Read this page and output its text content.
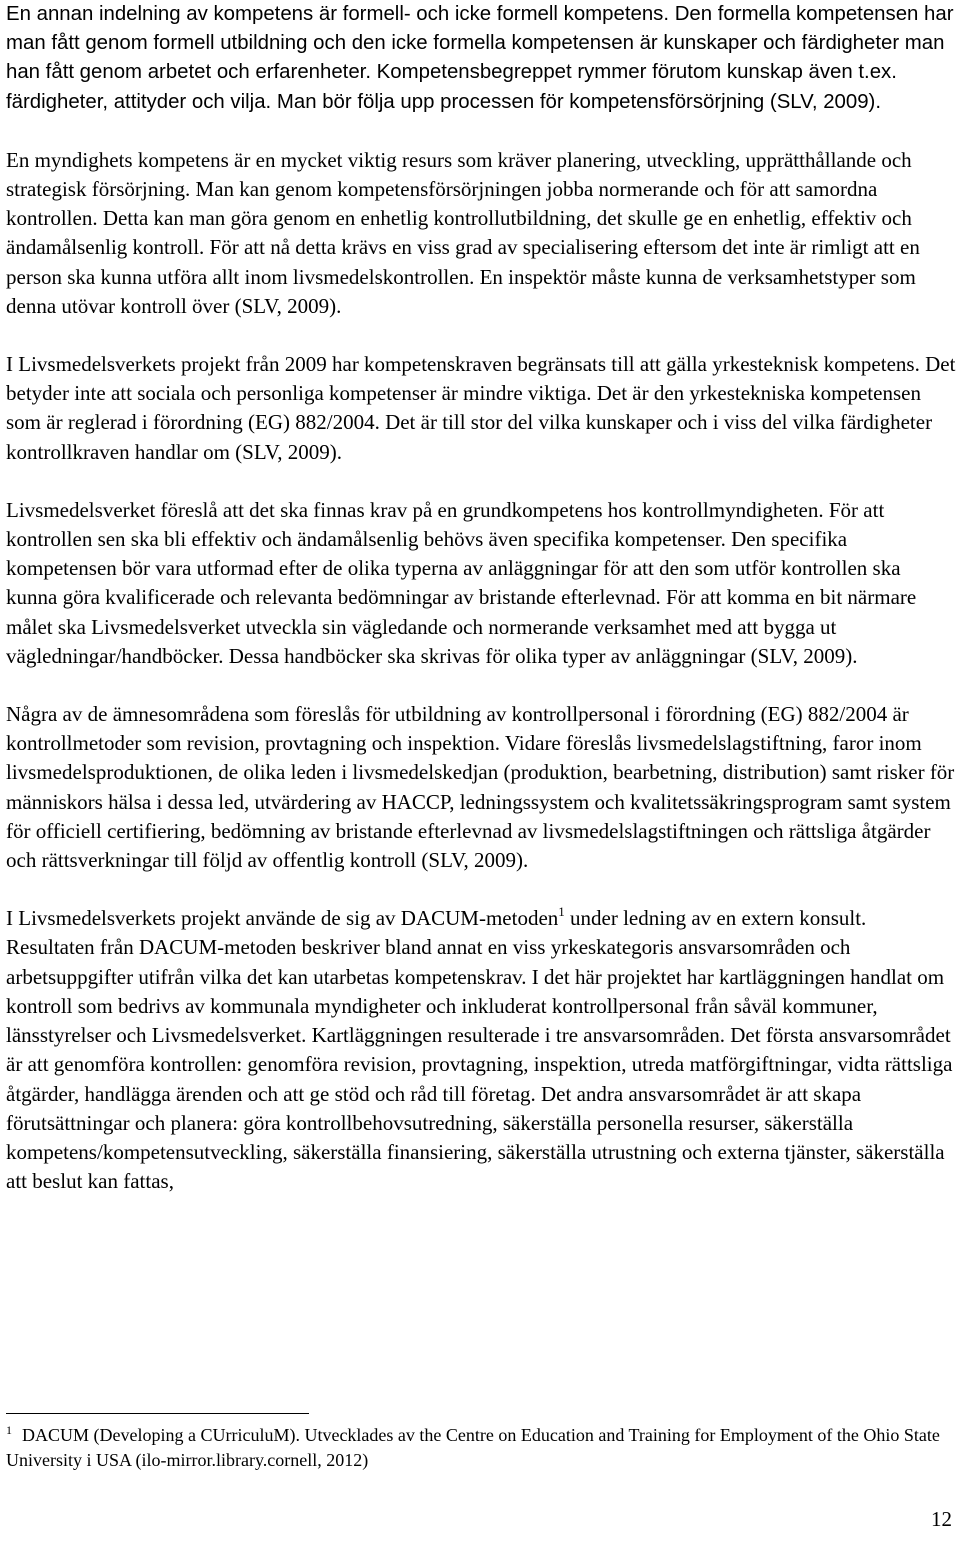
En annan indelning av kompetens är formell- och icke formell kompetens. Den formella kompetensen har man fått genom formell utbildning och den icke formella kompetensen är kunskaper och färdigheter man han fått genom arbetet och erfarenheter. Kompetensbegreppet rymmer förutom kunskap även t.ex. färdigheter, attityder och vilja. Man bör följa upp processen för kompetensförsörjning (SLV, 2009).

En myndighets kompetens är en mycket viktig resurs som kräver planering, utveckling, upprätthållande och strategisk försörjning. Man kan genom kompetensförsörjningen jobba normerande och för att samordna kontrollen. Detta kan man göra genom en enhetlig kontrollutbildning, det skulle ge en enhetlig, effektiv och ändamålsenlig kontroll. För att nå detta krävs en viss grad av specialisering eftersom det inte är rimligt att en person ska kunna utföra allt inom livsmedelskontrollen. En inspektör måste kunna de verksamhetstyper som denna utövar kontroll över (SLV, 2009).

I Livsmedelsverkets projekt från 2009 har kompetenskraven begränsats till att gälla yrkesteknisk kompetens. Det betyder inte att sociala och personliga kompetenser är mindre viktiga. Det är den yrkestekniska kompetensen som är reglerad i förordning (EG) 882/2004. Det är till stor del vilka kunskaper och i viss del vilka färdigheter kontrollkraven handlar om (SLV, 2009).

Livsmedelsverket föreslå att det ska finnas krav på en grundkompetens hos kontrollmyndigheten. För att kontrollen sen ska bli effektiv och ändamålsenlig behövs även specifika kompetenser. Den specifika kompetensen bör vara utformad efter de olika typerna av anläggningar för att den som utför kontrollen ska kunna göra kvalificerade och relevanta bedömningar av bristande efterlevnad. För att komma en bit närmare målet ska Livsmedelsverket utveckla sin vägledande och normerande verksamhet med att bygga ut vägledningar/handböcker. Dessa handböcker ska skrivas för olika typer av anläggningar (SLV, 2009).

Några av de ämnesområdena som föreslås för utbildning av kontrollpersonal i förordning (EG) 882/2004 är kontrollmetoder som revision, provtagning och inspektion. Vidare föreslås livsmedelslagstiftning, faror inom livsmedelsproduktionen, de olika leden i livsmedelskedjan (produktion, bearbetning, distribution) samt risker för människors hälsa i dessa led, utvärdering av HACCP, ledningssystem och kvalitetssäkringsprogram samt system för officiell certifiering, bedömning av bristande efterlevnad av livsmedelslagstiftningen och rättsliga åtgärder och rättsverkningar till följd av offentlig kontroll (SLV, 2009).

I Livsmedelsverkets projekt använde de sig av DACUM-metoden$^1$ under ledning av en extern konsult. Resultaten från DACUM-metoden beskriver bland annat en viss yrkeskategoris ansvarsområden och arbetsuppgifter utifrån vilka det kan utarbetas kompetenskrav. I det här projektet har kartläggningen handlat om kontroll som bedrivs av kommunala myndigheter och inkluderat kontrollpersonal från såväl kommuner, länsstyrelser och Livsmedelsverket. Kartläggningen resulterade i tre ansvarsområden. Det första ansvarsområdet är att genomföra kontrollen: genomföra revision, provtagning, inspektion, utreda matförgiftningar, vidta rättsliga åtgärder, handlägga ärenden och att ge stöd och råd till företag. Det andra ansvarsområdet är att skapa förutsättningar och planera: göra kontrollbehovsutredning, säkerställa personella resurser, säkerställa kompetens/kompetensutveckling, säkerställa finansiering, säkerställa utrustning och externa tjänster, säkerställa att beslut kan fattas,

$^1$ DACUM (Developing a CUrriculuM). Utvecklades av the Centre on Education and Training for Employment of the Ohio State University i USA (ilo-mirror.library.cornell, 2012)

12
